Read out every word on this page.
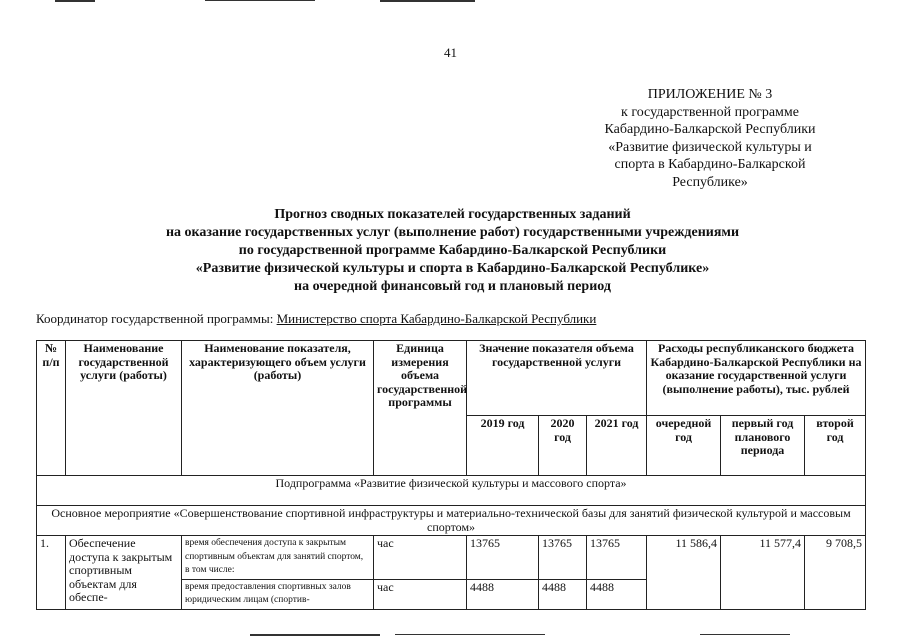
41
ПРИЛОЖЕНИЕ № 3
к государственной программе
Кабардино-Балкарской Республики
«Развитие физической культуры и
спорта в Кабардино-Балкарской
Республике»
Прогноз сводных показателей государственных заданий
на оказание государственных услуг (выполнение работ) государственными учреждениями
по государственной программе Кабардино-Балкарской Республики
«Развитие физической культуры и спорта в Кабардино-Балкарской Республике»
на очередной финансовый год и плановый период
Координатор государственной программы: Министерство спорта Кабардино-Балкарской Республики
№ п/п	Наименование государственной услуги (работы)	Наименование показателя, характеризующего объем услуги (работы)	Единица измерения объема государственной программы	Значение показателя объема государственной услуги			Расходы республиканского бюджета Кабардино-Балкарской Республики на оказание государственной услуги (выполнение работы), тыс. рублей		
				2019 год	2020 год	2021 год	очередной год	первый год планового периода	второй год
Подпрограмма «Развитие физической культуры и массового спорта»									
Основное мероприятие «Совершенствование спортивной инфраструктуры и материально-технической базы для занятий физической культурой и массовым спортом»									
1.	Обеспечение доступа к закрытым спортивным объектам для обеспе-	время обеспечения доступа к закрытым спортивным объектам для занятий спортом, в том числе:	час	13765	13765	13765	11 586,4	11 577,4	9 708,5
		время предоставления спортивных залов юридическим лицам (спортив-	час	4488	4488	4488			
